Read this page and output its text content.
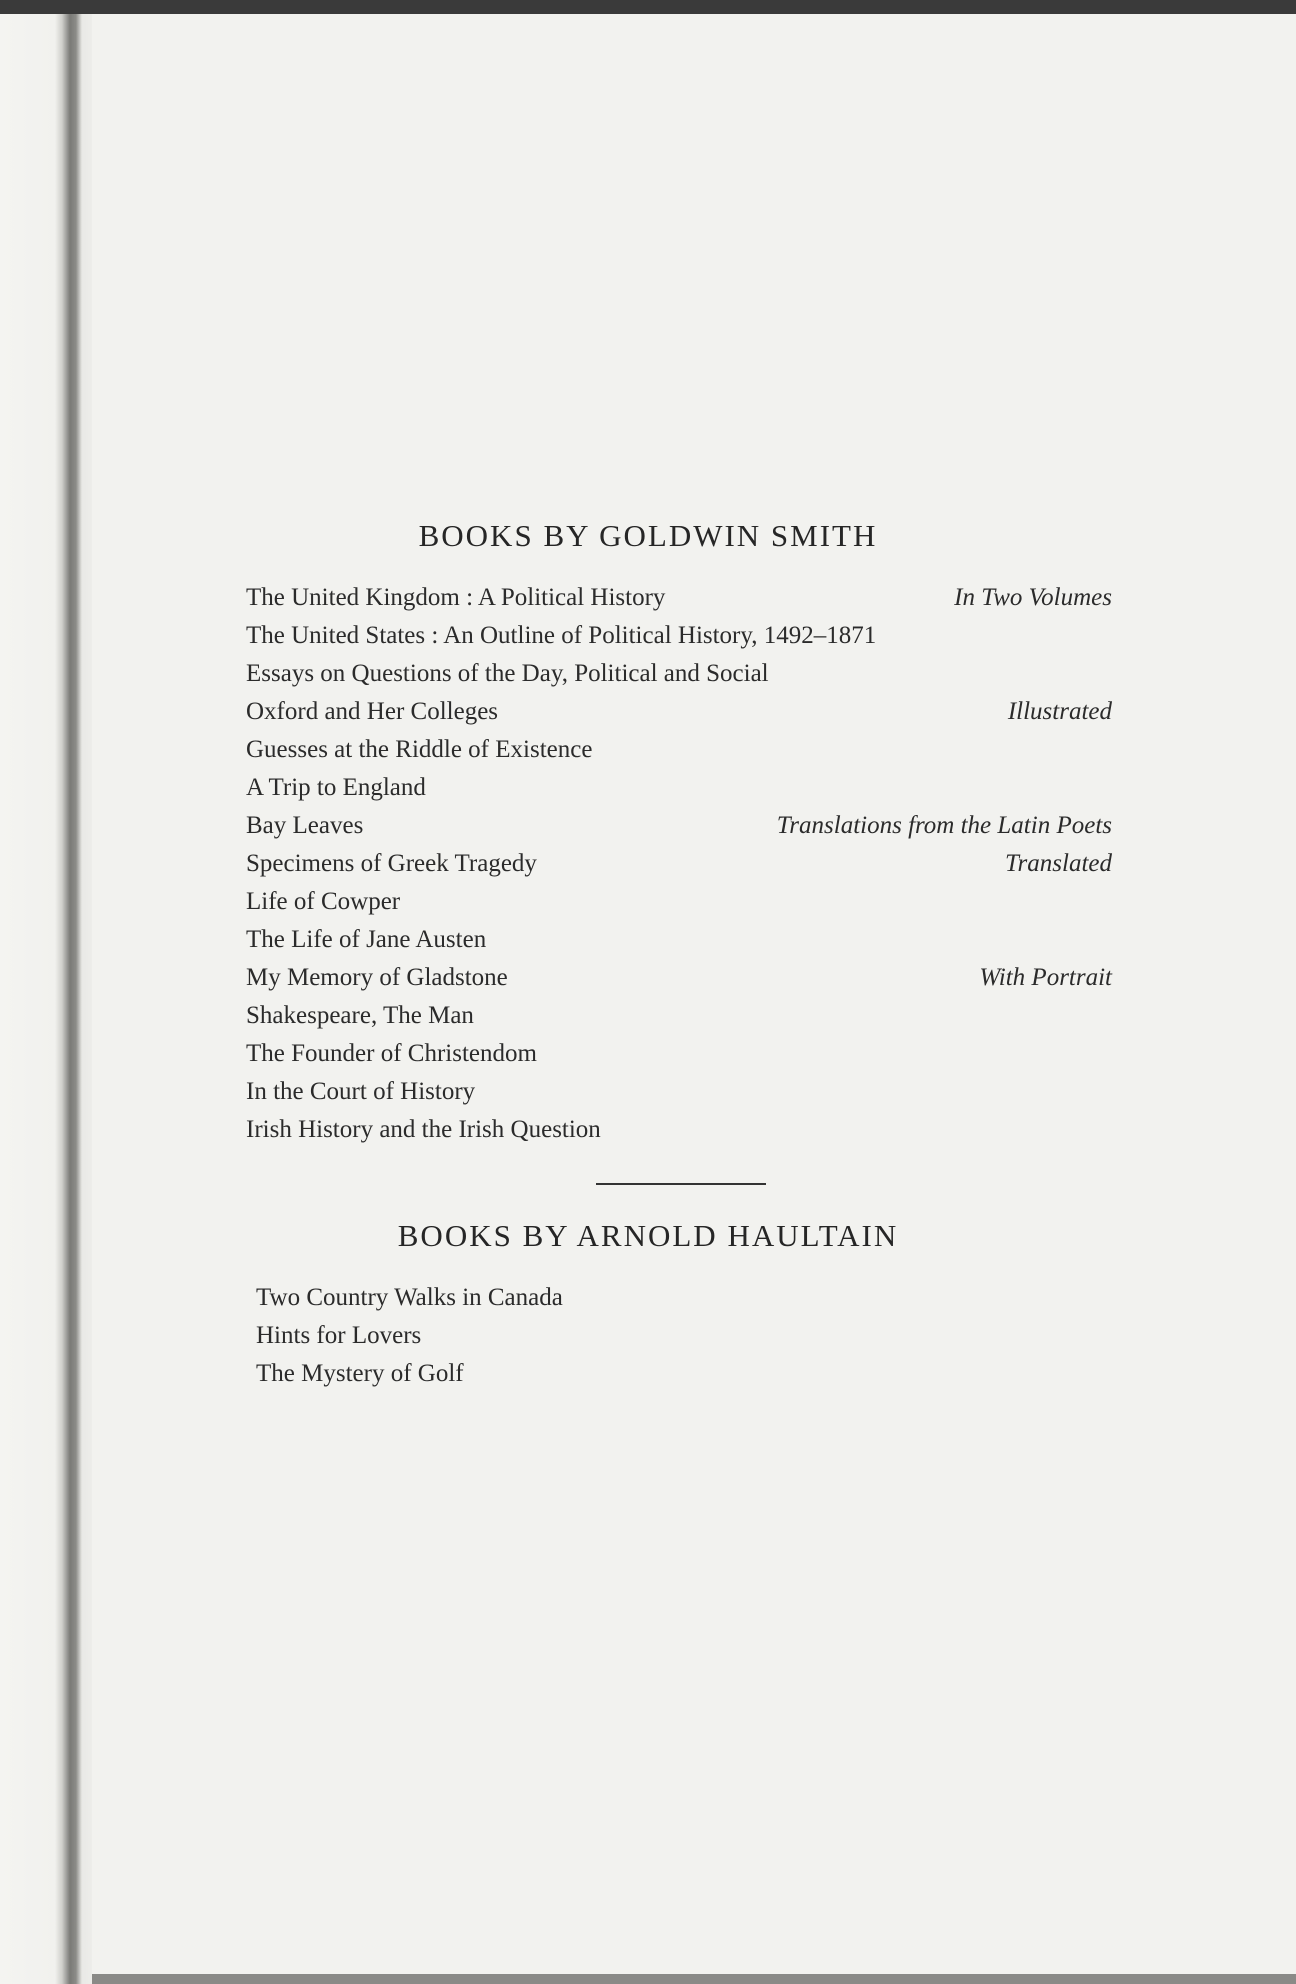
BOOKS BY GOLDWIN SMITH
The United Kingdom : A Political History	In Two Volumes
The United States : An Outline of Political History, 1492–1871
Essays on Questions of the Day, Political and Social
Oxford and Her Colleges	Illustrated
Guesses at the Riddle of Existence
A Trip to England
Bay Leaves	Translations from the Latin Poets
Specimens of Greek Tragedy	Translated
Life of Cowper
The Life of Jane Austen
My Memory of Gladstone	With Portrait
Shakespeare, The Man
The Founder of Christendom
In the Court of History
Irish History and the Irish Question
BOOKS BY ARNOLD HAULTAIN
Two Country Walks in Canada
Hints for Lovers
The Mystery of Golf
